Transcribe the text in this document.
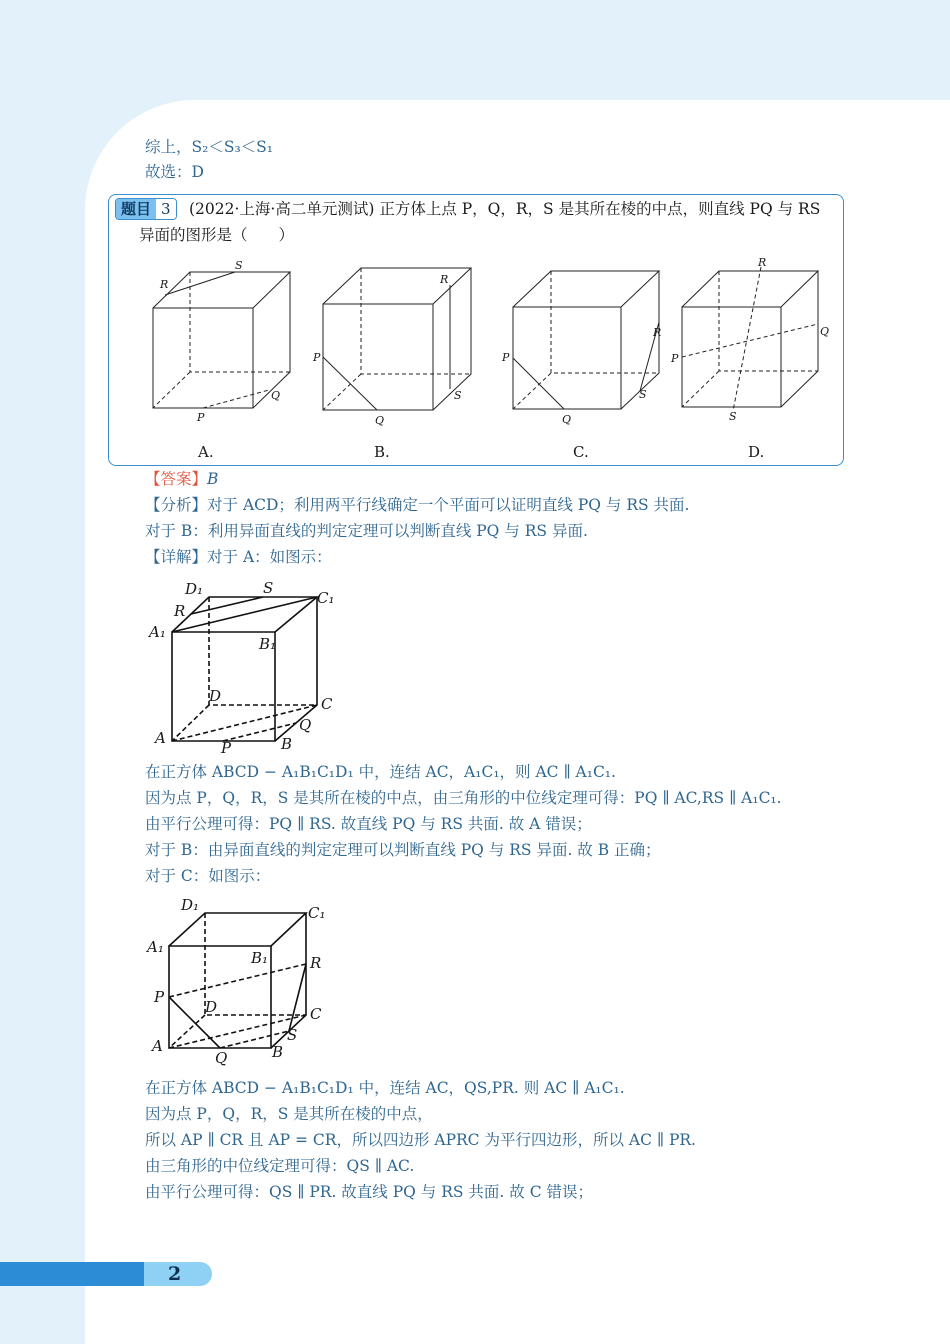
综上，S₂＜S₃＜S₁
故选：D
题目 3	(2022·上海·高二单元测试) 正方体上点 P，Q，R，S 是其所在棱的中点，则直线 PQ 与 RS
异面的图形是（　　）
S
R
P
Q
R
P
S
Q
R
P
S
Q
R
Q
P
S
A.	B.	C.	D.
【答案】B
【分析】对于 ACD；利用两平行线确定一个平面可以证明直线 PQ 与 RS 共面.
对于 B：利用异面直线的判定定理可以判断直线 PQ 与 RS 异面.
【详解】对于 A：如图示：
D₁	S
C₁
R
A₁
B₁
D	C
Q
A
P	B
在正方体 ABCD − A₁B₁C₁D₁ 中，连结 AC，A₁C₁，则 AC ∥ A₁C₁.
因为点 P，Q，R，S 是其所在棱的中点，由三角形的中位线定理可得：PQ ∥ AC,RS ∥ A₁C₁.
由平行公理可得：PQ ∥ RS. 故直线 PQ 与 RS 共面. 故 A 错误；
对于 B：由异面直线的判定定理可以判断直线 PQ 与 RS 异面. 故 B 正确；
对于 C：如图示：
D₁	C₁
A₁
B₁	R
P
D	C
S
A
Q	B
在正方体 ABCD − A₁B₁C₁D₁ 中，连结 AC，QS,PR. 则 AC ∥ A₁C₁.
因为点 P，Q，R，S 是其所在棱的中点，
所以 AP ∥ CR 且 AP = CR，所以四边形 APRC 为平行四边形，所以 AC ∥ PR.
由三角形的中位线定理可得：QS ∥ AC.
由平行公理可得：QS ∥ PR. 故直线 PQ 与 RS 共面. 故 C 错误；
2
